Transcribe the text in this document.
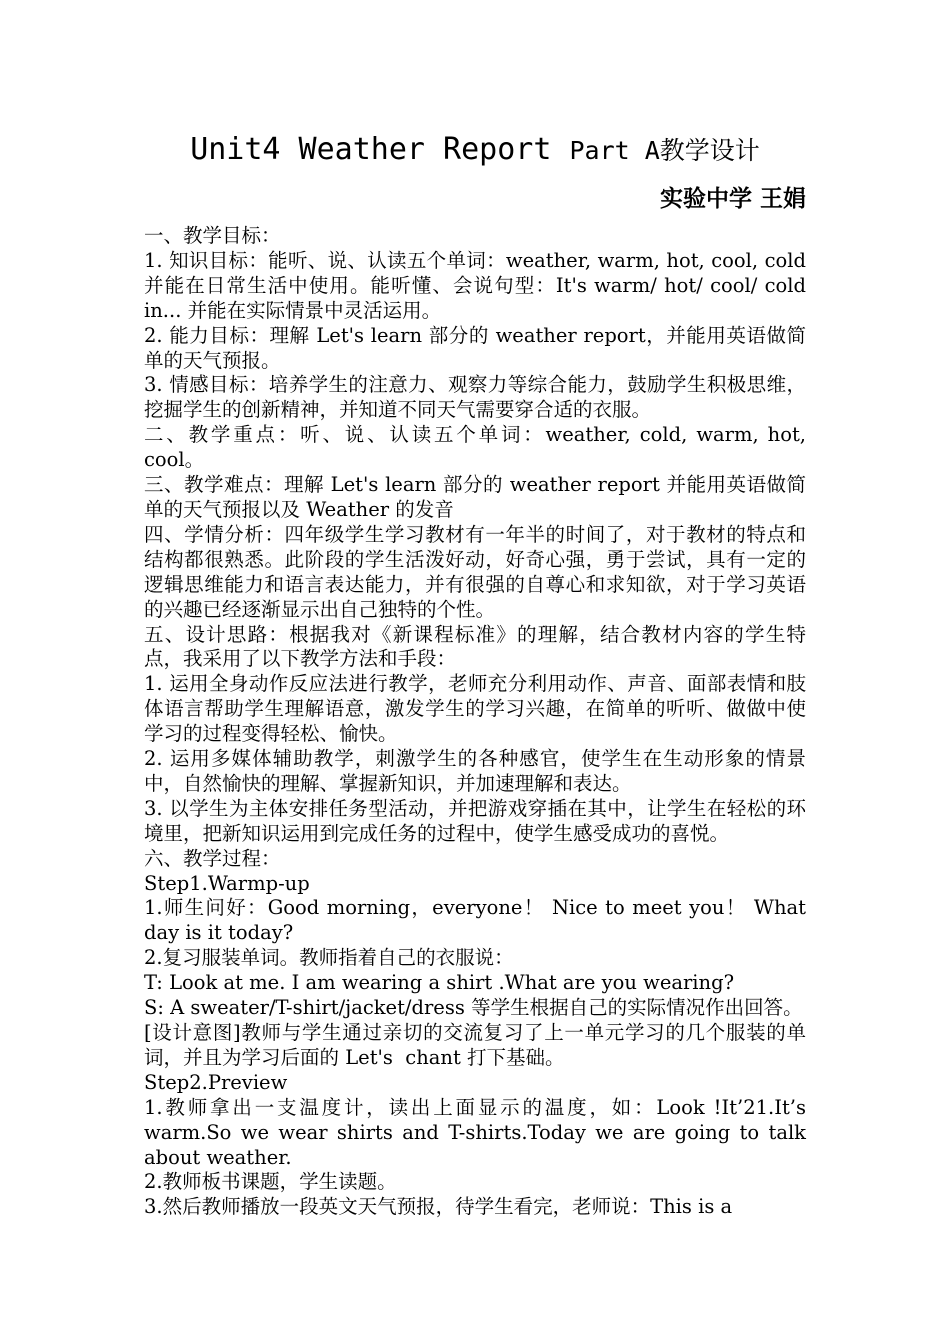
Unit4 Weather Report Part A教学设计
实验中学 王娟

一、教学目标：

1. 知识目标：能听、说、认读五个单词：weather, warm, hot, cool, cold 并能在日常生活中使用。能听懂、会说句型：It's warm/ hot/ cool/ cold in... 并能在实际情景中灵活运用。

2. 能力目标：理解 Let's learn 部分的 weather report，并能用英语做简单的天气预报。

3. 情感目标：培养学生的注意力、观察力等综合能力，鼓励学生积极思维，挖掘学生的创新精神，并知道不同天气需要穿合适的衣服。

二、教学重点：听、说、认读五个单词：weather, cold, warm, hot, cool。

三、教学难点：理解 Let's learn 部分的 weather report 并能用英语做简单的天气预报以及 Weather 的发音

四、学情分析：四年级学生学习教材有一年半的时间了，对于教材的特点和结构都很熟悉。此阶段的学生活泼好动，好奇心强，勇于尝试，具有一定的逻辑思维能力和语言表达能力，并有很强的自尊心和求知欲，对于学习英语的兴趣已经逐渐显示出自己独特的个性。

五、设计思路：根据我对《新课程标准》的理解，结合教材内容的学生特点，我采用了以下教学方法和手段：

1. 运用全身动作反应法进行教学，老师充分利用动作、声音、面部表情和肢体语言帮助学生理解语意，激发学生的学习兴趣，在简单的听听、做做中使学习的过程变得轻松、愉快。

2. 运用多媒体辅助教学，刺激学生的各种感官，使学生在生动形象的情景中，自然愉快的理解、掌握新知识，并加速理解和表达。

3. 以学生为主体安排任务型活动，并把游戏穿插在其中，让学生在轻松的环境里，把新知识运用到完成任务的过程中，使学生感受成功的喜悦。

六、教学过程：

Step1.Warmp-up

1.师生问好：Good morning，everyone！ Nice to meet you！ What day is it today?

2.复习服装单词。教师指着自己的衣服说：

T: Look at me. I am wearing a shirt .What are you wearing?

S: A sweater/T-shirt/jacket/dress 等学生根据自己的实际情况作出回答。

[设计意图]教师与学生通过亲切的交流复习了上一单元学习的几个服装的单词，并且为学习后面的 Let's  chant 打下基础。

Step2.Preview

1.教师拿出一支温度计，读出上面显示的温度，如：Look !It’21.It’s warm.So we wear shirts and T-shirts.Today we are going to talk about weather.

2.教师板书课题，学生读题。

3.然后教师播放一段英文天气预报，待学生看完，老师说：This is a
